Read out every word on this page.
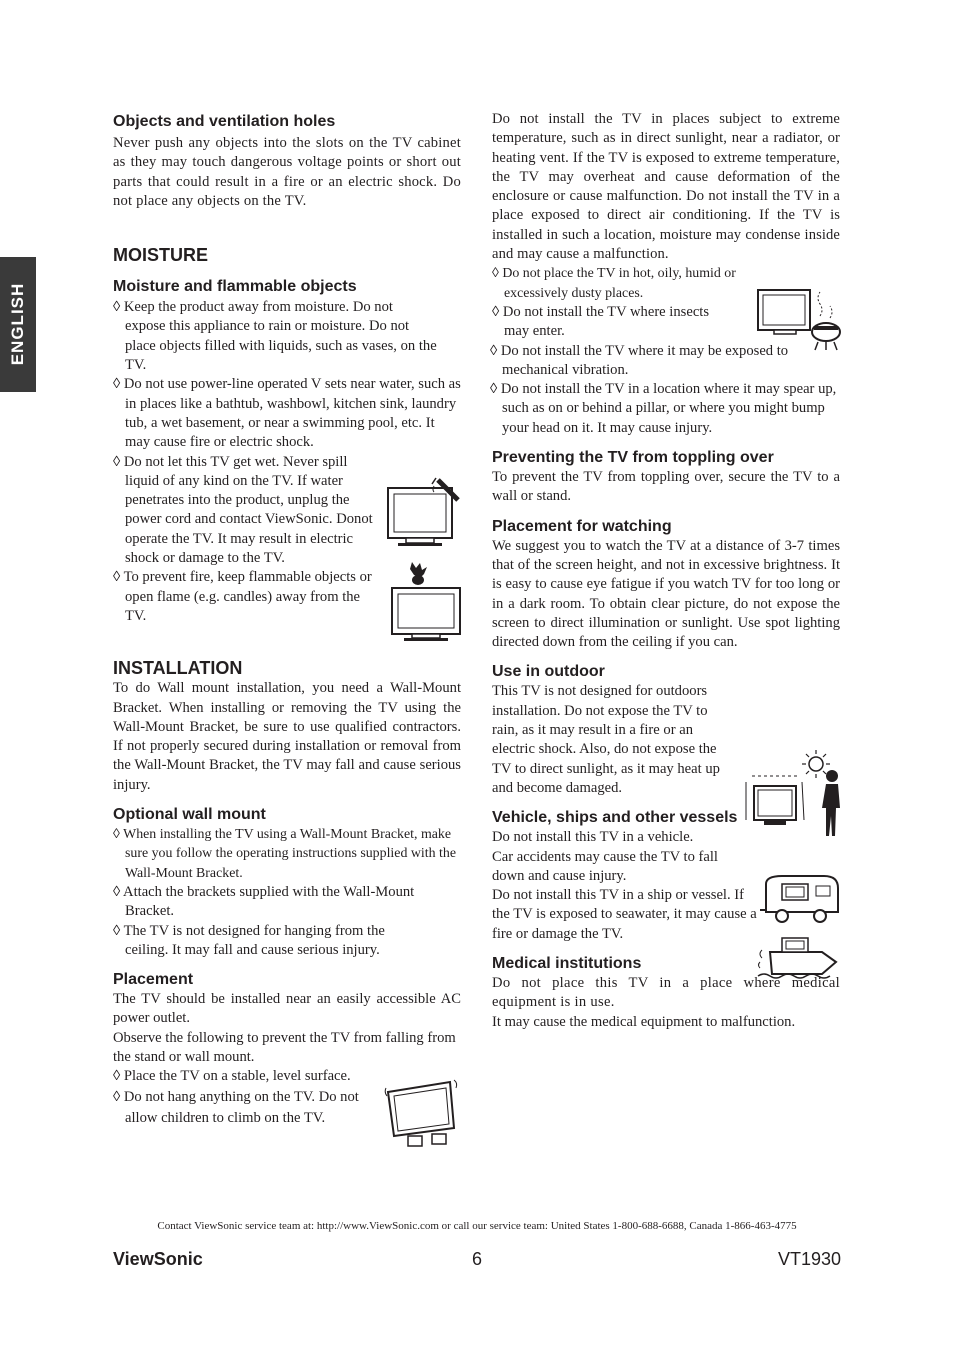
ENGLISH
Objects and ventilation holes

Never push any objects into the slots on the TV cabinet as they may touch dangerous voltage points or short out parts that could result in a fire or an electric shock. Do not place any objects on the TV.

MOISTURE
Moisture and flammable objects
◊ Keep the product away from moisture. Do not expose this appliance to rain or moisture. Do not place objects filled with liquids, such as vases, on the TV.
◊ Do not use power-line operated V sets near water, such as in places like a bathtub, washbowl, kitchen sink, laundry tub, a wet basement, or near a swimming pool, etc. It may cause fire or electric shock.
◊ Do not let this TV get wet. Never spill liquid of any kind on the TV. If water penetrates into the product, unplug the power cord and contact ViewSonic. Donot operate the TV. It may result in electric shock or damage to the TV.
◊ To prevent fire, keep flammable objects or open flame (e.g. candles) away from the TV.
INSTALLATION

To do Wall mount installation, you need a Wall-Mount Bracket. When installing or removing the TV using the Wall-Mount Bracket, be sure to use qualified contractors. If not properly secured during installation or removal from the Wall-Mount Bracket, the TV may fall and cause serious injury.

Optional wall mount
◊ When installing the TV using a Wall-Mount Bracket, make sure you follow the operating instructions supplied with the Wall-Mount Bracket.
◊ Attach the brackets supplied with the Wall-Mount Bracket.
◊ The TV is not designed for hanging from the ceiling. It may fall and cause serious injury.
Placement

The TV should be installed near an easily accessible AC power outlet.

Observe the following to prevent the TV from falling from the stand or wall mount.

◊ Place the TV on a stable, level surface.
◊ Do not hang anything on the TV. Do not allow children to climb on the TV.

Do not install the TV in places subject to extreme temperature, such as in direct sunlight, near a radiator, or heating vent. If the TV is exposed to extreme temperature, the TV may overheat and cause deformation of the enclosure or cause malfunction. Do not install the TV in a place exposed to direct air conditioning. If the TV is installed in such a location, moisture may condense inside and may cause a malfunction.

◊ Do not place the TV in hot, oily, humid or excessively dusty places.
◊ Do not install the TV where insects may enter.
◊ Do not install the TV where it may be exposed to mechanical vibration.
◊ Do not install the TV in a location where it may spear up, such as on or behind a pillar, or where you might bump your head on it. It may cause injury.
Preventing the TV from toppling over

To prevent the TV from toppling over, secure the TV to a wall or stand.

Placement for watching

We suggest you to watch the TV at a distance of 3-7 times that of the screen height, and not in excessive brightness. It is easy to cause eye fatigue if you watch TV for too long or in a dark room. To obtain clear picture, do not expose the screen to direct illumination or sunlight. Use spot lighting directed down from the ceiling if you can.

Use in outdoor

This TV is not designed for outdoors installation. Do not expose the TV to rain, as it may result in a fire or an electric shock. Also, do not expose the TV to direct sunlight, as it may heat up and become damaged.

Vehicle, ships and other vessels

Do not install this TV in a vehicle.

Car accidents may cause the TV to fall down and cause injury.

Do not install this TV in a ship or vessel. If the TV is exposed to seawater, it may cause a fire or damage the TV.

Medical institutions

Do not place this TV in a place where medical equipment is in use.

It may cause the medical equipment to malfunction.

Contact ViewSonic service team at: http://www.ViewSonic.com or call our service team: United States 1-800-688-6688, Canada 1-866-463-4775
ViewSonic	6	VT1930
